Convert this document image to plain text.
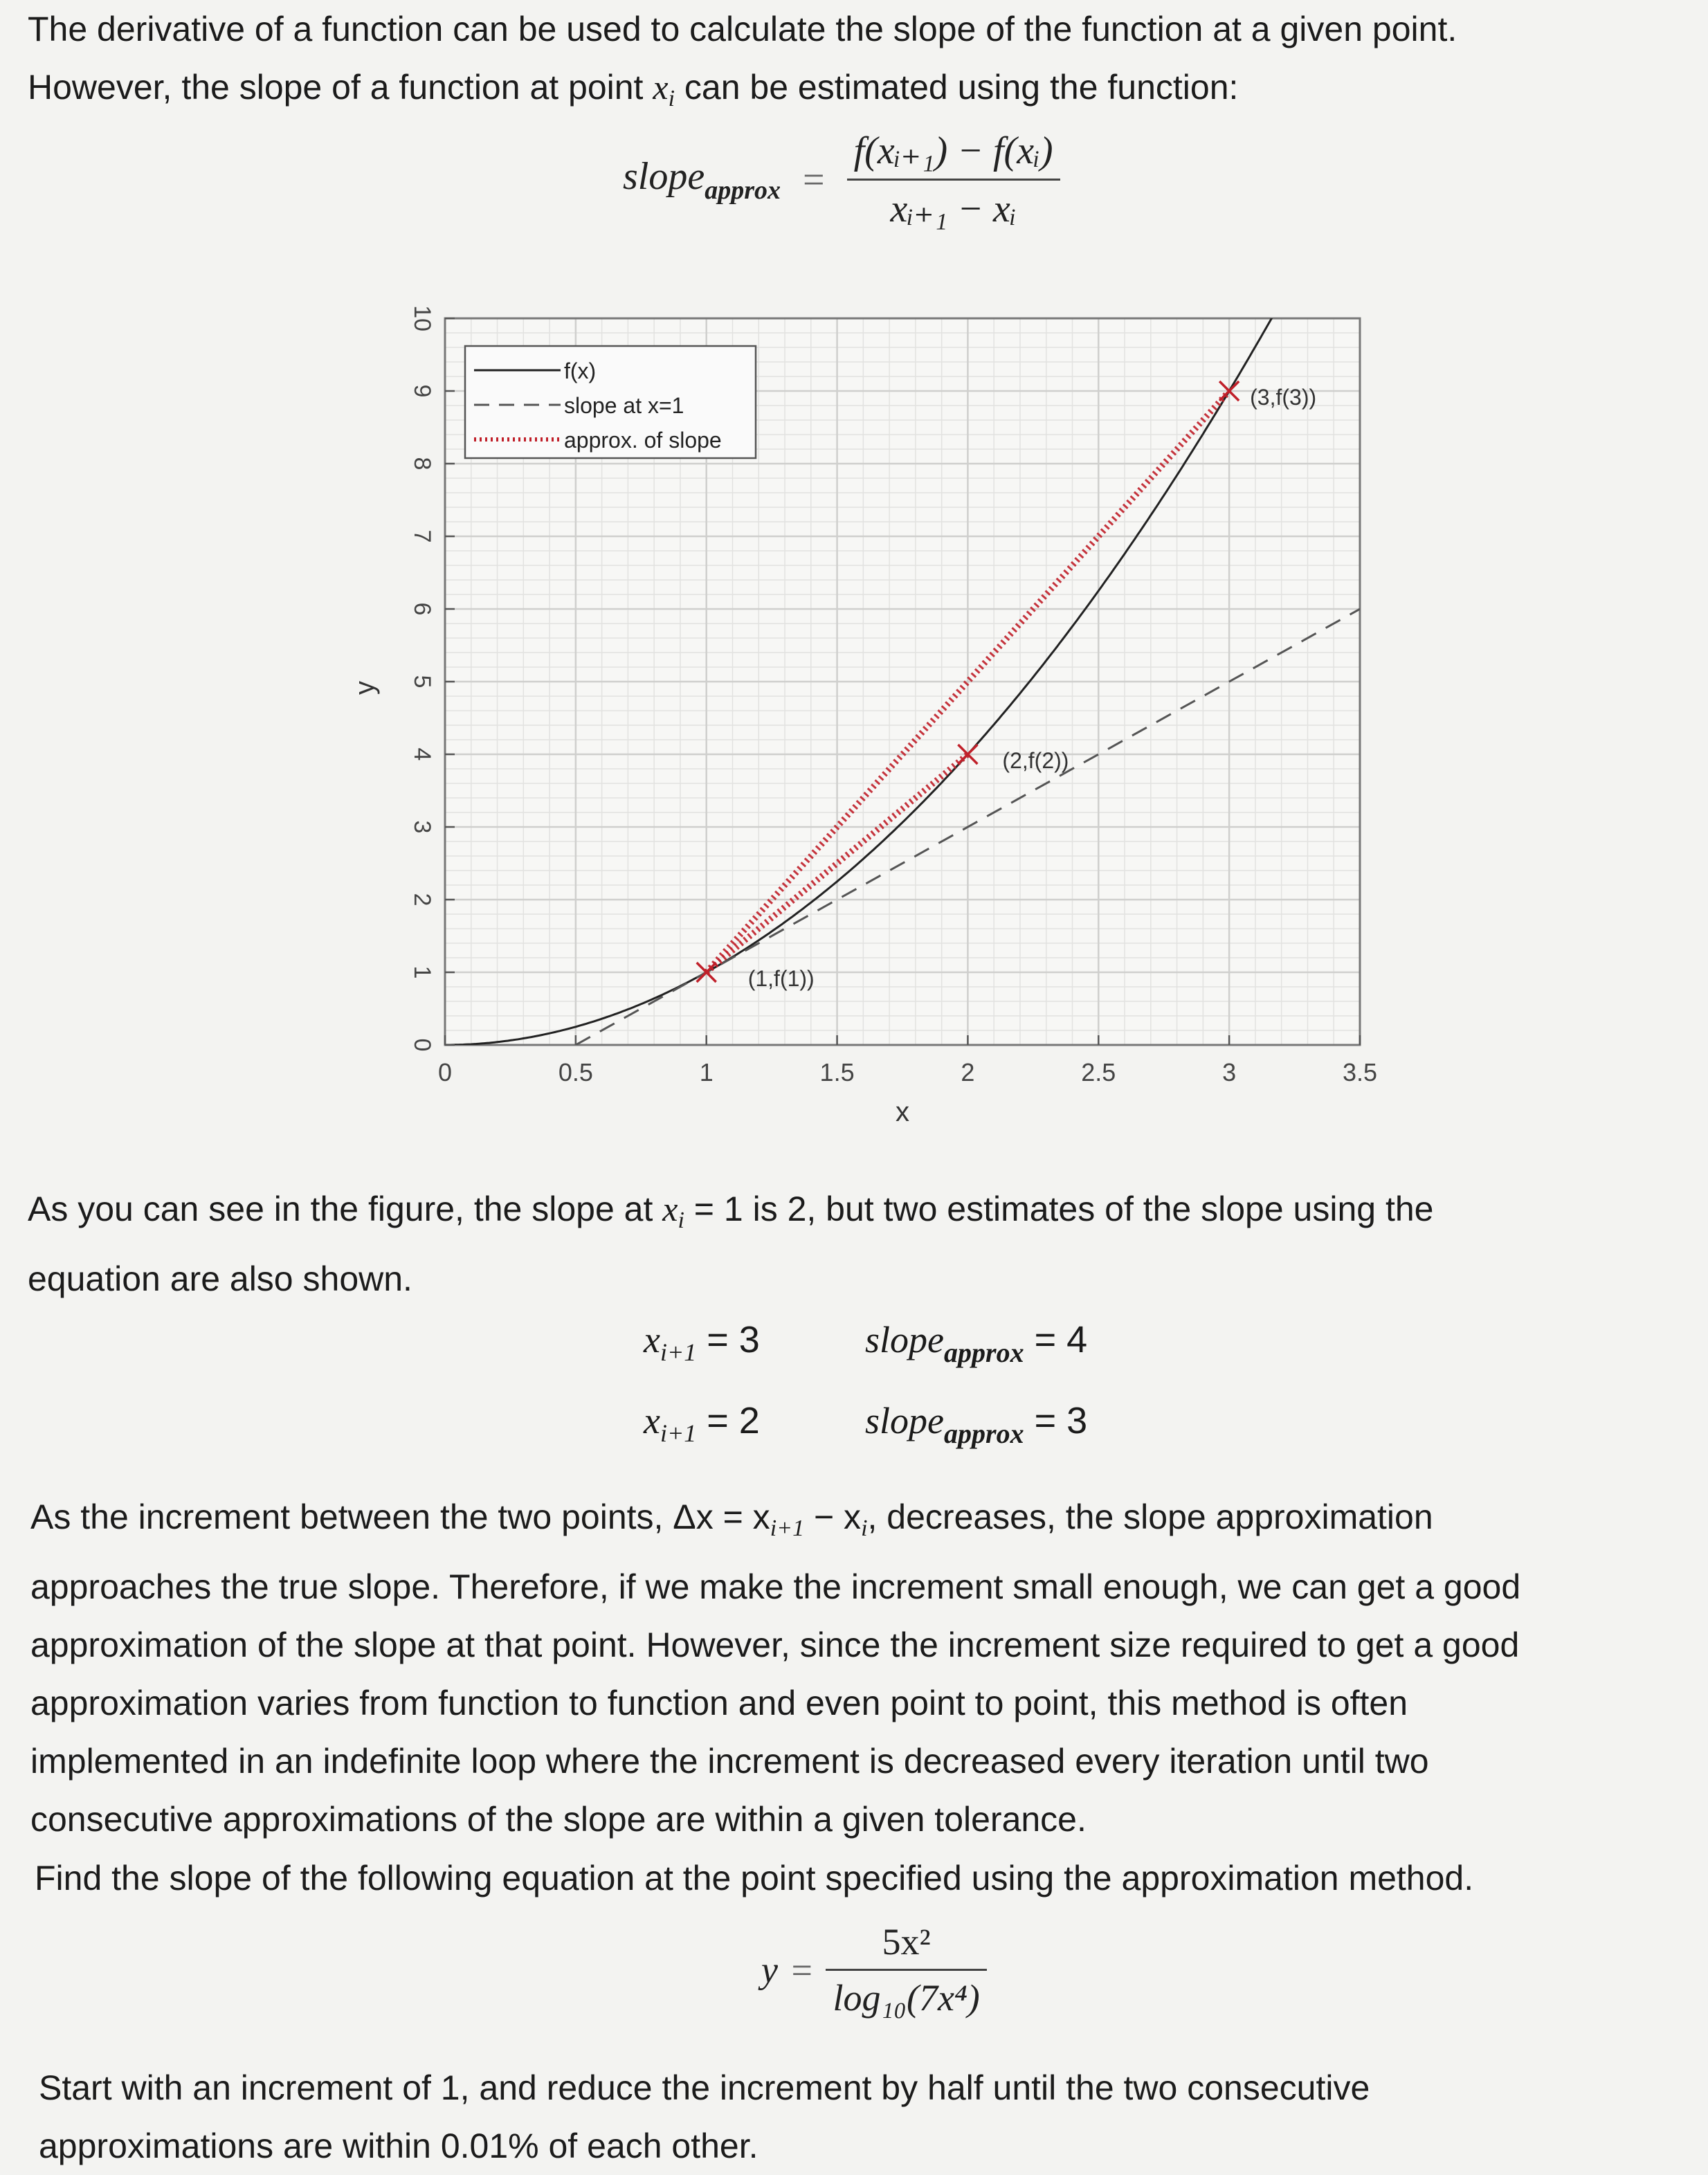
The derivative of a function can be used to calculate the slope of the function at a given point.
However, the slope of a function at point $x_i$ can be estimated using the function:
slope$_{approx}$ = $\frac{\text{f(xᵢ₊₁) − f(xᵢ)}}{\text{xᵢ₊₁ − xᵢ}}$
(1,f(1))
(2,f(2))
(3,f(3))
0	0.5	1	1.5	2	2.5	3	3.5
0
1
2
3
4
5
6
7
8
9
10
x
y
f(x)
slope at x=1
approx. of slope
As you can see in the figure, the slope at $x_i = 1$ is 2, but two estimates of the slope using the
equation are also shown.
$x_{i+1} = 3$	slope$_{approx}$ = 4
$x_{i+1} = 2$	slope$_{approx}$ = 3
As the increment between the two points, $\Delta x = x_{i+1} - x_i$, decreases, the slope approximation
approaches the true slope. Therefore, if we make the increment small enough, we can get a good
approximation of the slope at that point. However, since the increment size required to get a good
approximation varies from function to function and even point to point, this method is often
implemented in an indefinite loop where the increment is decreased every iteration until two
consecutive approximations of the slope are within a given tolerance.
Find the slope of the following equation at the point specified using the approximation method.
$y = \frac{\text{5x²}}{\text{log₁₀(7x⁴)}}$
Start with an increment of 1, and reduce the increment by half until the two consecutive
approximations are within 0.01% of each other.
